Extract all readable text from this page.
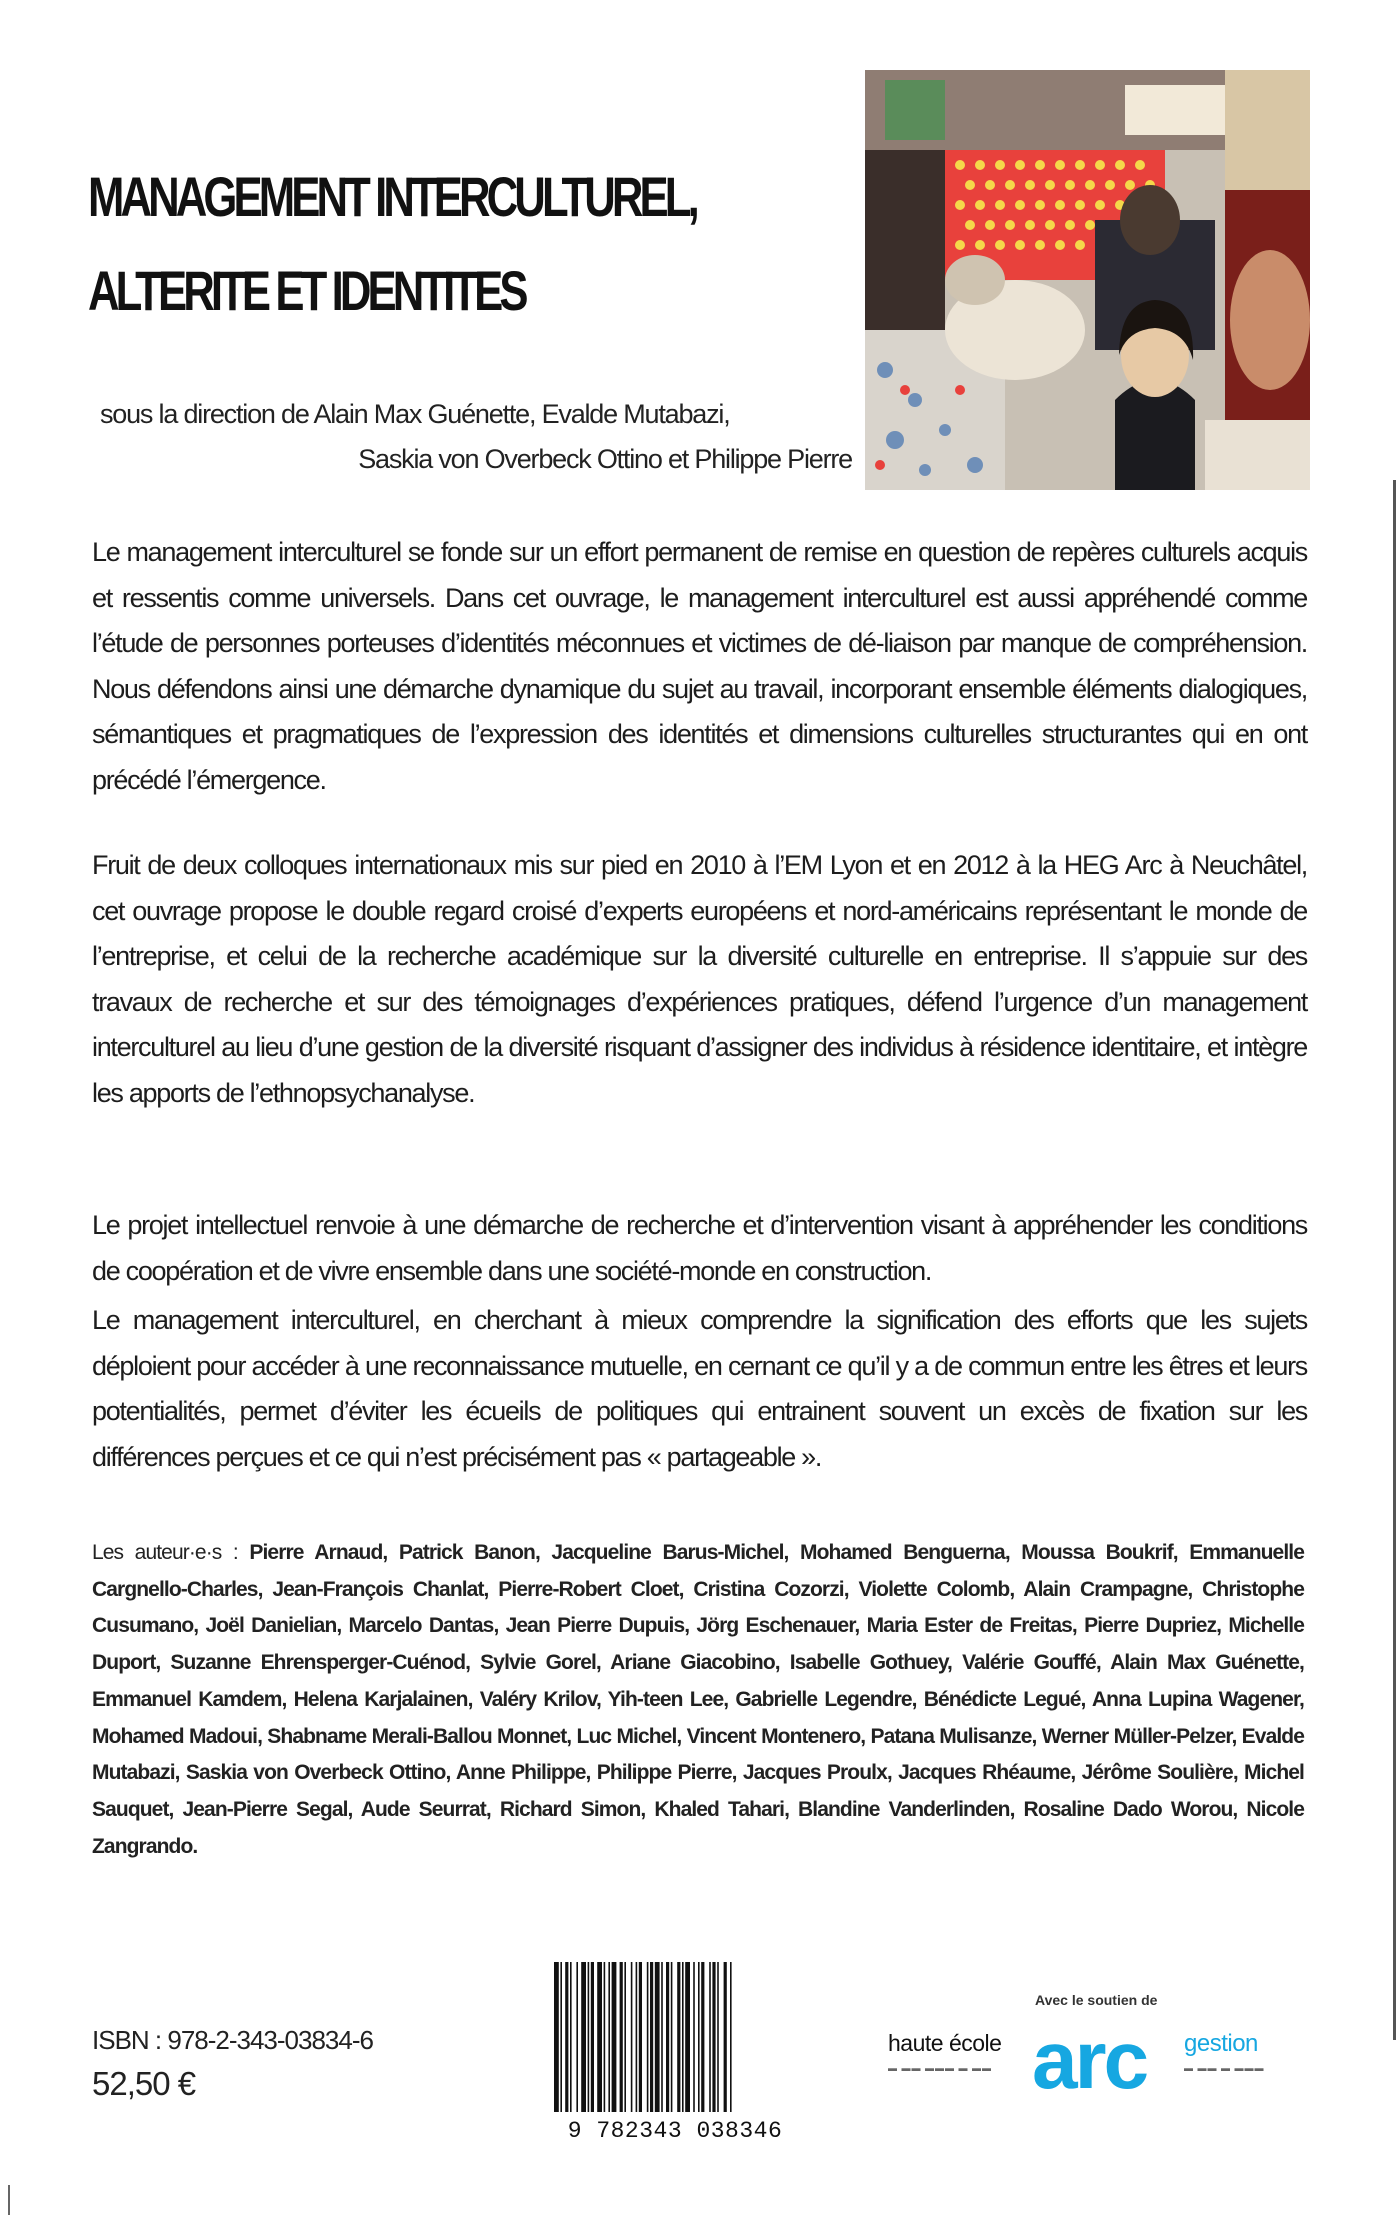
MANAGEMENT INTERCULTUREL,
ALTERITE ET IDENTITES
sous la direction de Alain Max Guénette, Evalde Mutabazi,
Saskia von Overbeck Ottino et Philippe Pierre
Le management interculturel se fonde sur un effort permanent de remise en question de repères culturels acquis et ressentis comme universels. Dans cet ouvrage, le management interculturel est aussi appréhendé comme l’étude de personnes porteuses d’identités méconnues et victimes de dé-liaison par manque de compréhension. Nous défendons ainsi une démarche dynamique du sujet au travail, incorporant ensemble éléments dialogiques, sémantiques et pragmatiques de l’expression des identités et dimensions culturelles structurantes qui en ont précédé l’émergence.
Fruit de deux colloques internationaux mis sur pied en 2010 à l’EM Lyon et en 2012 à la HEG Arc à Neuchâtel, cet ouvrage propose le double regard croisé d’experts européens et nord-américains représentant le monde de l’entreprise, et celui de la recherche académique sur la diversité culturelle en entreprise. Il s’appuie sur des travaux de recherche et sur des témoignages d’expériences pratiques, défend l’urgence d’un management interculturel au lieu d’une gestion de la diversité risquant d’assigner des individus à résidence identitaire, et intègre les apports de l’ethnopsychanalyse.
Le projet intellectuel renvoie à une démarche de recherche et d’intervention visant à appréhender les conditions de coopération et de vivre ensemble dans une société-monde en construction.
Le management interculturel, en cherchant à mieux comprendre la signification des efforts que les sujets déploient pour accéder à une reconnaissance mutuelle, en cernant ce qu’il y a de commun entre les êtres et leurs potentialités, permet d’éviter les écueils de politiques qui entrainent souvent un excès de fixation sur les différences perçues et ce qui n’est précisément pas « partageable ».
Les auteur·e·s : Pierre Arnaud, Patrick Banon, Jacqueline Barus-Michel, Mohamed Benguerna, Moussa Boukrif, Emmanuelle Cargnello-Charles, Jean-François Chanlat, Pierre-Robert Cloet, Cristina Cozorzi, Violette Colomb, Alain Crampagne, Christophe Cusumano, Joël Danielian, Marcelo Dantas, Jean Pierre Dupuis, Jörg Eschenauer, Maria Ester de Freitas, Pierre Dupriez, Michelle Duport, Suzanne Ehrensperger-Cuénod, Sylvie Gorel, Ariane Giacobino, Isabelle Gothuey, Valérie Gouffé, Alain Max Guénette, Emmanuel Kamdem, Helena Karjalainen, Valéry Krilov, Yih-teen Lee, Gabrielle Legendre, Bénédicte Legué, Anna Lupina Wagener, Mohamed Madoui, Shabname Merali-Ballou Monnet, Luc Michel, Vincent Montenero, Patana Mulisanze, Werner Müller-Pelzer, Evalde Mutabazi, Saskia von Overbeck Ottino, Anne Philippe, Philippe Pierre, Jacques Proulx, Jacques Rhéaume, Jérôme Soulière, Michel Sauquet, Jean-Pierre Segal, Aude Seurrat, Richard Simon, Khaled Tahari, Blandine Vanderlinden, Rosaline Dado Worou, Nicole Zangrando.
ISBN : 978-2-343-03834-6
52,50 €
9 782343 038346
Avec le soutien de
haute école
▬ ▬▬ ▬▬▬ ▬ ▬▬ arc gestion
▬ ▬▬ ▬ ▬▬▬
